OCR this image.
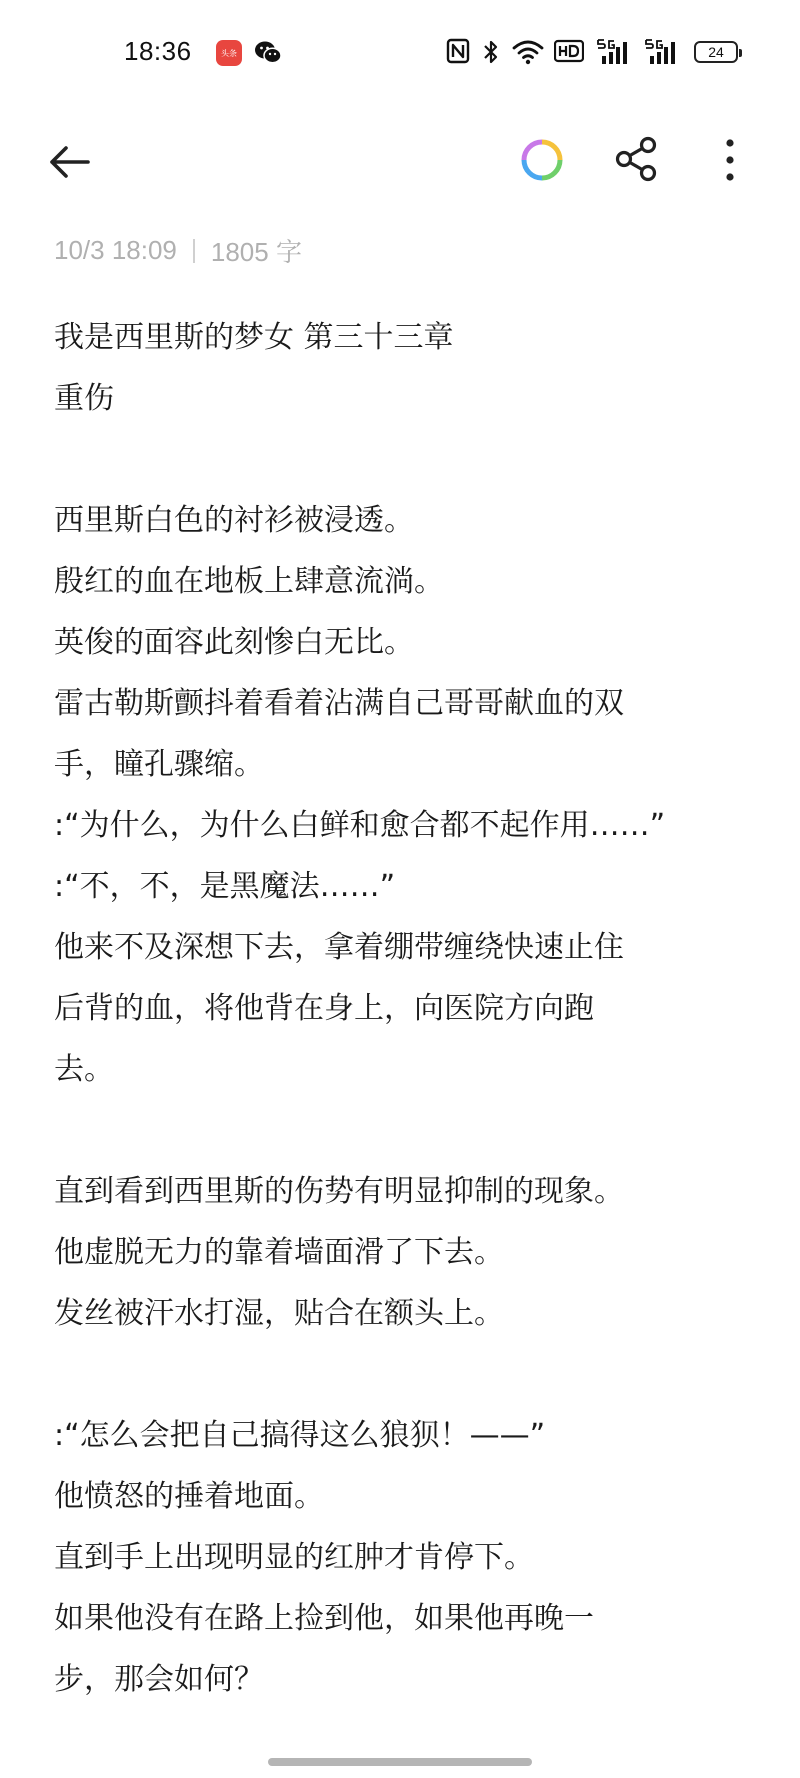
18:36	头条	24
10/3 18:09 1805 字
我是西里斯的梦女 第三十三章
重伤
西里斯白色的衬衫被浸透。
殷红的血在地板上肆意流淌。
英俊的面容此刻惨白无比。
雷古勒斯颤抖着看着沾满自己哥哥献血的双
手，瞳孔骤缩。
:“为什么，为什么白鲜和愈合都不起作用……”
:“不，不，是黑魔法……”
他来不及深想下去，拿着绷带缠绕快速止住
后背的血，将他背在身上，向医院方向跑
去。
直到看到西里斯的伤势有明显抑制的现象。
他虚脱无力的靠着墙面滑了下去。
发丝被汗水打湿，贴合在额头上。
:“怎么会把自己搞得这么狼狈！——”
他愤怒的捶着地面。
直到手上出现明显的红肿才肯停下。
如果他没有在路上捡到他，如果他再晚一
步，那会如何？
